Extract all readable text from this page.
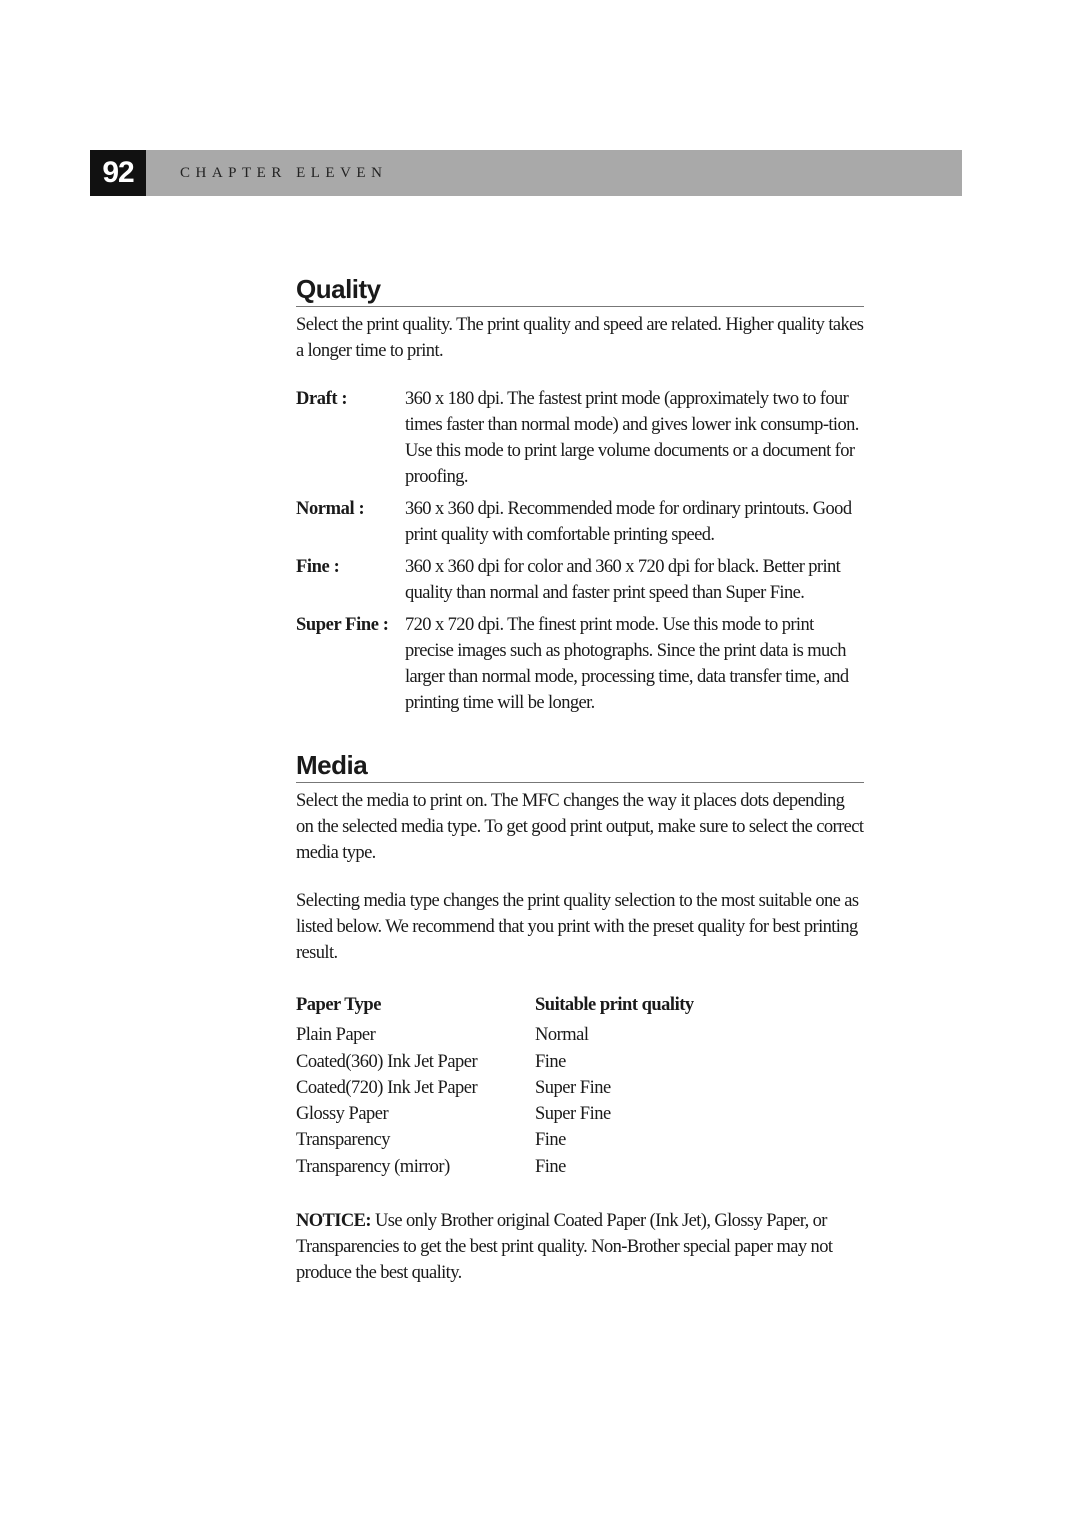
92	CHAPTER ELEVEN
Quality

Select the print quality. The print quality and speed are related. Higher quality takes a longer time to print.

Draft :	360 x 180 dpi. The fastest print mode (approximately two to four times faster than normal mode) and gives lower ink consump-tion. Use this mode to print large volume documents or a document for proofing.

Normal : 360 x 360 dpi. Recommended mode for ordinary printouts. Good print quality with comfortable printing speed.

Fine :	360 x 360 dpi for color and 360 x 720 dpi for black. Better print quality than normal and faster print speed than Super Fine.

Super Fine : 720 x 720 dpi. The finest print mode. Use this mode to print precise images such as photographs. Since the print data is much larger than normal mode, processing time, data transfer time, and printing time will be longer.

Media

Select the media to print on. The MFC changes the way it places dots depending on the selected media type. To get good print output, make sure to select the correct media type.

Selecting media type changes the print quality selection to the most suitable one as listed below. We recommend that you print with the preset quality for best printing result.

Paper Type	Suitable print quality
Plain Paper	Normal
Coated(360) Ink Jet Paper	Fine
Coated(720) Ink Jet Paper	Super Fine
Glossy Paper	Super Fine
Transparency	Fine
Transparency (mirror)	Fine

NOTICE: Use only Brother original Coated Paper (Ink Jet), Glossy Paper, or Transparencies to get the best print quality. Non-Brother special paper may not produce the best quality.
